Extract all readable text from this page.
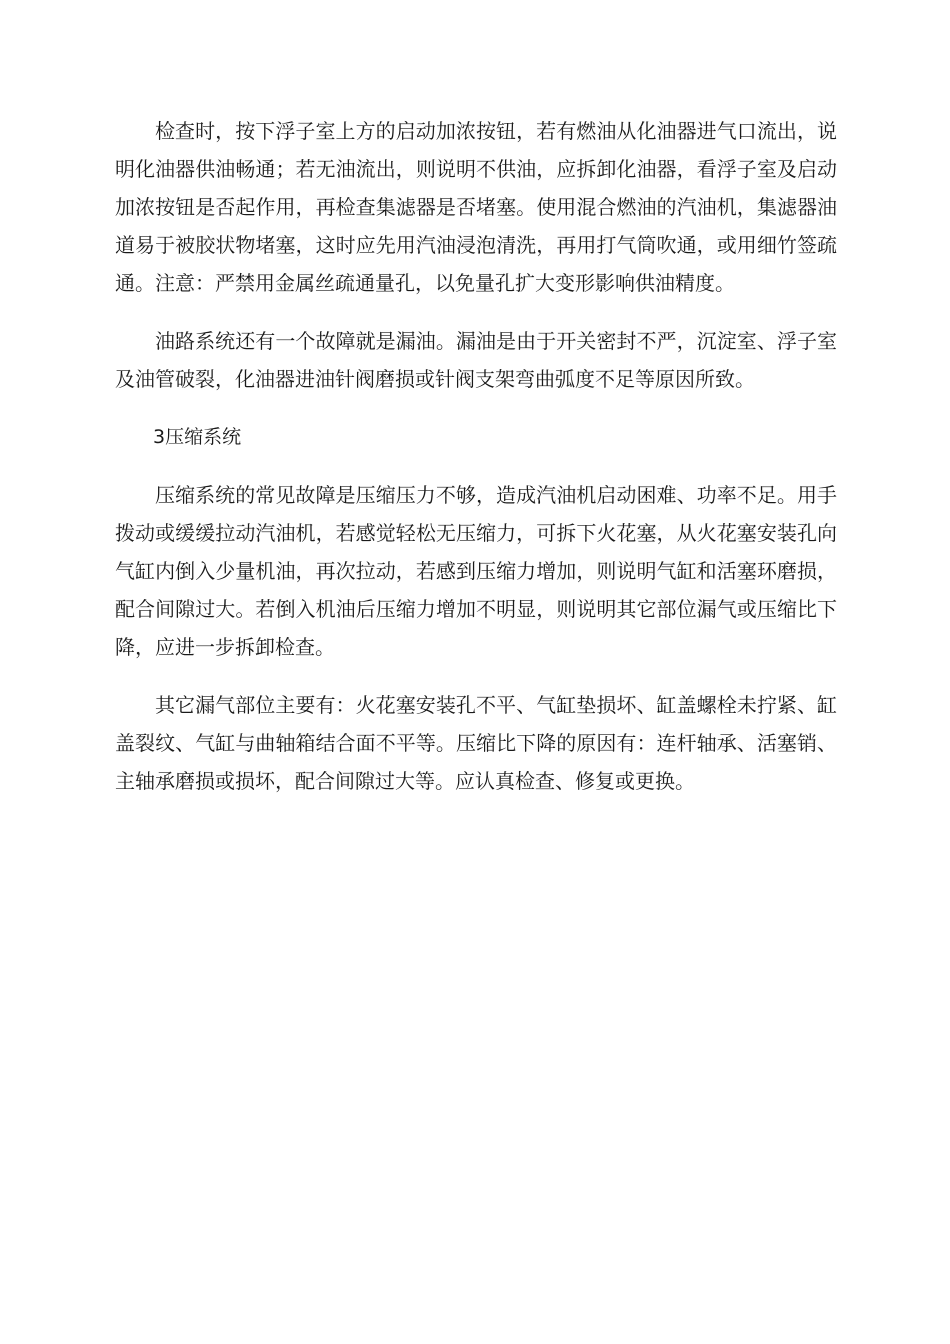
检查时，按下浮子室上方的启动加浓按钮，若有燃油从化油器进气口流出，说明化油器供油畅通；若无油流出，则说明不供油，应拆卸化油器，看浮子室及启动加浓按钮是否起作用，再检查集滤器是否堵塞。使用混合燃油的汽油机，集滤器油道易于被胶状物堵塞，这时应先用汽油浸泡清洗，再用打气筒吹通，或用细竹签疏通。注意：严禁用金属丝疏通量孔，以免量孔扩大变形影响供油精度。

油路系统还有一个故障就是漏油。漏油是由于开关密封不严，沉淀室、浮子室及油管破裂，化油器进油针阀磨损或针阀支架弯曲弧度不足等原因所致。

3压缩系统

压缩系统的常见故障是压缩压力不够，造成汽油机启动困难、功率不足。用手拨动或缓缓拉动汽油机，若感觉轻松无压缩力，可拆下火花塞，从火花塞安装孔向气缸内倒入少量机油，再次拉动，若感到压缩力增加，则说明气缸和活塞环磨损，配合间隙过大。若倒入机油后压缩力增加不明显，则说明其它部位漏气或压缩比下降，应进一步拆卸检查。

其它漏气部位主要有：火花塞安装孔不平、气缸垫损坏、缸盖螺栓未拧紧、缸盖裂纹、气缸与曲轴箱结合面不平等。压缩比下降的原因有：连杆轴承、活塞销、主轴承磨损或损坏，配合间隙过大等。应认真检查、修复或更换。
